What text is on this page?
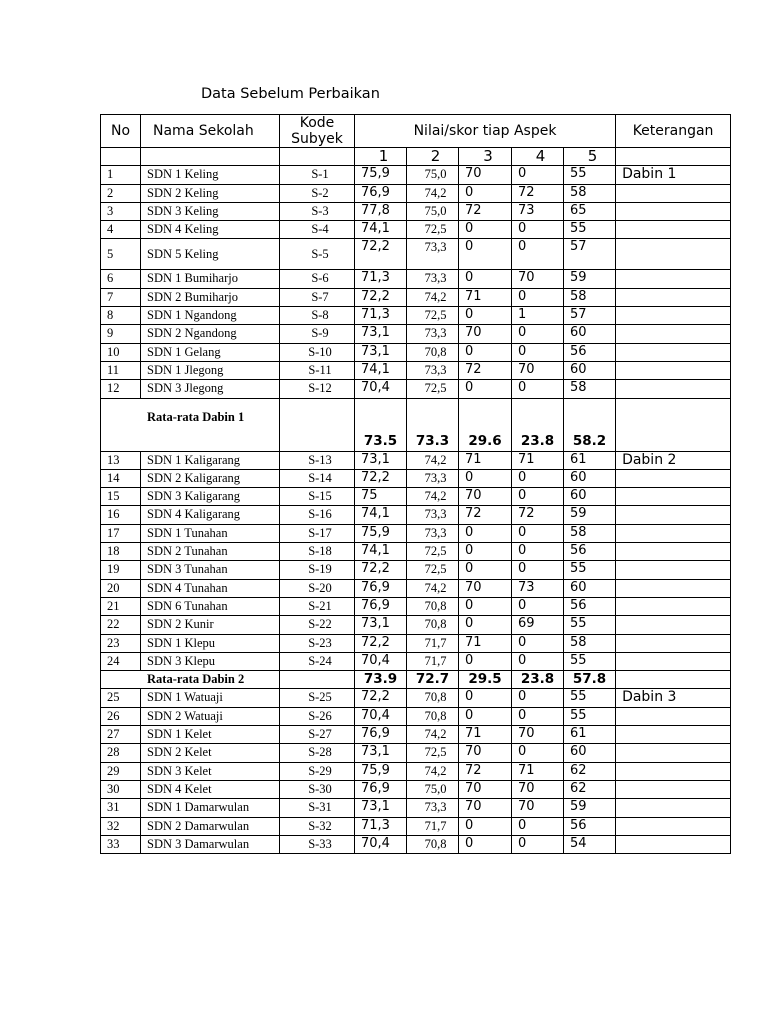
Data Sebelum Perbaikan
No	Nama Sekolah	Kode
Subyek	Nilai/skor tiap Aspek					Keterangan
			1	2	3	4	5	
1	SDN 1 Keling	S-1	75,9	75,0	70	0	55	Dabin 1
2	SDN 2 Keling	S-2	76,9	74,2	0	72	58	
3	SDN 3 Keling	S-3	77,8	75,0	72	73	65	
4	SDN 4 Keling	S-4	74,1	72,5	0	0	55	
5	SDN 5 Keling	S-5	72,2	73,3	0	0	57	
6	SDN 1 Bumiharjo	S-6	71,3	73,3	0	70	59	
7	SDN 2 Bumiharjo	S-7	72,2	74,2	71	0	58	
8	SDN 1 Ngandong	S-8	71,3	72,5	0	1	57	
9	SDN 2 Ngandong	S-9	73,1	73,3	70	0	60	
10	SDN 1 Gelang	S-10	73,1	70,8	0	0	56	
11	SDN 1 Jlegong	S-11	74,1	73,3	72	70	60	
12	SDN 3 Jlegong	S-12	70,4	72,5	0	0	58	
Rata-rata Dabin 1			73.5	73.3	29.6	23.8	58.2	
13	SDN 1 Kaligarang	S-13	73,1	74,2	71	71	61	Dabin 2
14	SDN 2 Kaligarang	S-14	72,2	73,3	0	0	60	
15	SDN 3 Kaligarang	S-15	75	74,2	70	0	60	
16	SDN 4 Kaligarang	S-16	74,1	73,3	72	72	59	
17	SDN 1 Tunahan	S-17	75,9	73,3	0	0	58	
18	SDN 2 Tunahan	S-18	74,1	72,5	0	0	56	
19	SDN 3 Tunahan	S-19	72,2	72,5	0	0	55	
20	SDN 4 Tunahan	S-20	76,9	74,2	70	73	60	
21	SDN 6 Tunahan	S-21	76,9	70,8	0	0	56	
22	SDN 2 Kunir	S-22	73,1	70,8	0	69	55	
23	SDN 1 Klepu	S-23	72,2	71,7	71	0	58	
24	SDN 3 Klepu	S-24	70,4	71,7	0	0	55	
Rata-rata Dabin 2			73.9	72.7	29.5	23.8	57.8	
25	SDN 1 Watuaji	S-25	72,2	70,8	0	0	55	Dabin 3
26	SDN 2 Watuaji	S-26	70,4	70,8	0	0	55	
27	SDN 1 Kelet	S-27	76,9	74,2	71	70	61	
28	SDN 2 Kelet	S-28	73,1	72,5	70	0	60	
29	SDN 3 Kelet	S-29	75,9	74,2	72	71	62	
30	SDN 4 Kelet	S-30	76,9	75,0	70	70	62	
31	SDN 1 Damarwulan	S-31	73,1	73,3	70	70	59	
32	SDN 2 Damarwulan	S-32	71,3	71,7	0	0	56	
33	SDN 3 Damarwulan	S-33	70,4	70,8	0	0	54	
